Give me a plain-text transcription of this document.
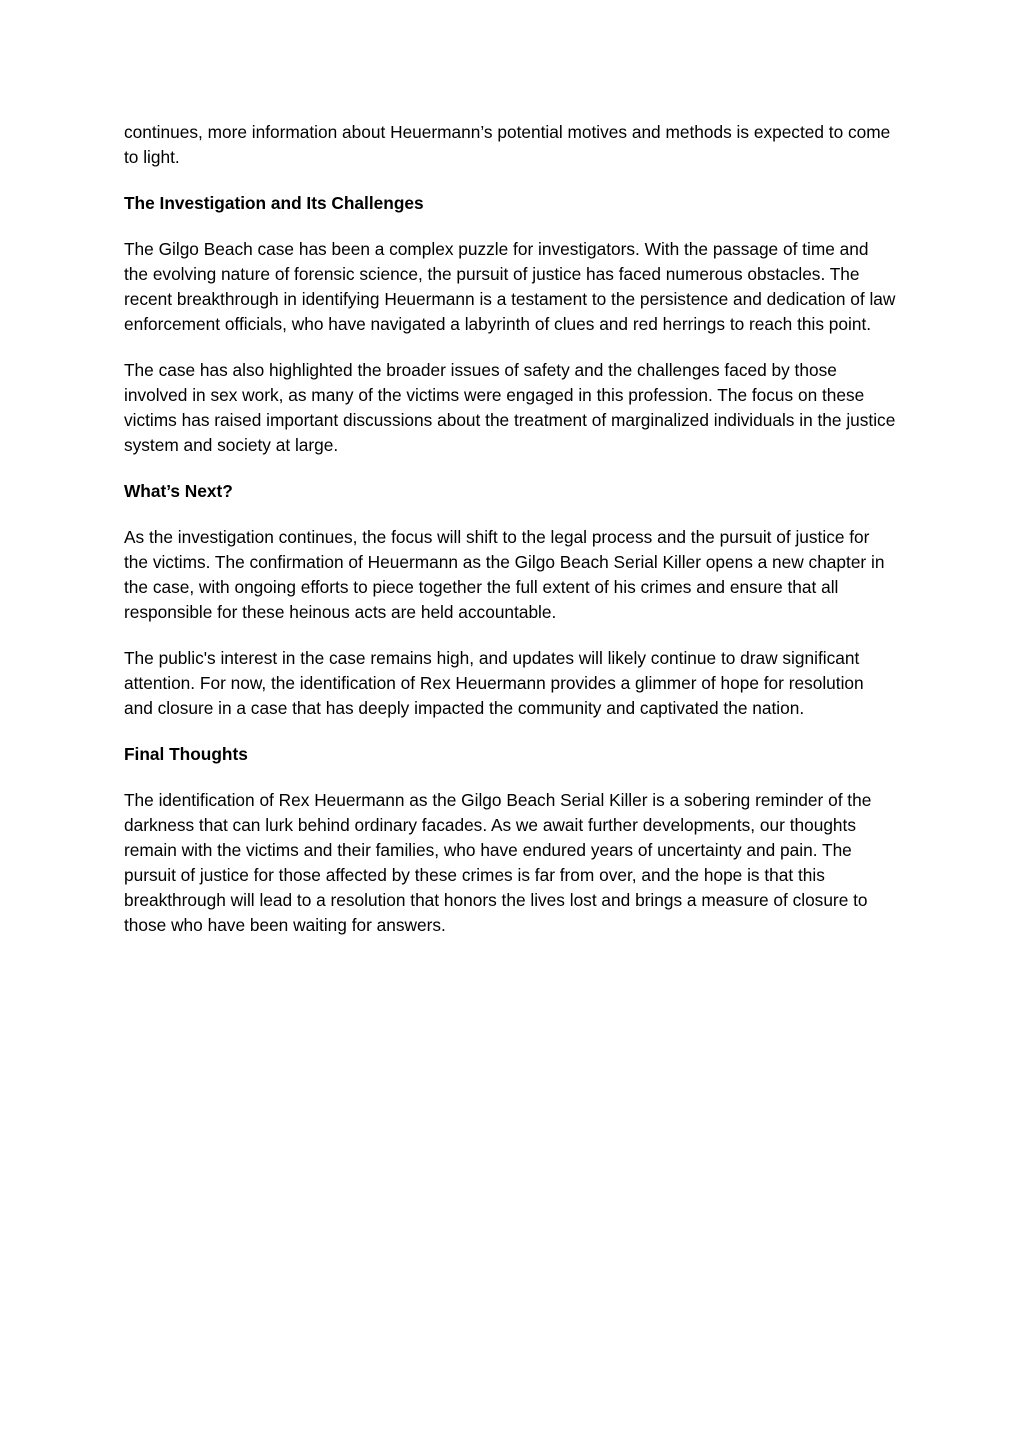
continues, more information about Heuermann’s potential motives and methods is expected to come to light.

The Investigation and Its Challenges

The Gilgo Beach case has been a complex puzzle for investigators. With the passage of time and the evolving nature of forensic science, the pursuit of justice has faced numerous obstacles. The recent breakthrough in identifying Heuermann is a testament to the persistence and dedication of law enforcement officials, who have navigated a labyrinth of clues and red herrings to reach this point.

The case has also highlighted the broader issues of safety and the challenges faced by those involved in sex work, as many of the victims were engaged in this profession. The focus on these victims has raised important discussions about the treatment of marginalized individuals in the justice system and society at large.

What’s Next?

As the investigation continues, the focus will shift to the legal process and the pursuit of justice for the victims. The confirmation of Heuermann as the Gilgo Beach Serial Killer opens a new chapter in the case, with ongoing efforts to piece together the full extent of his crimes and ensure that all responsible for these heinous acts are held accountable.

The public's interest in the case remains high, and updates will likely continue to draw significant attention. For now, the identification of Rex Heuermann provides a glimmer of hope for resolution and closure in a case that has deeply impacted the community and captivated the nation.

Final Thoughts

The identification of Rex Heuermann as the Gilgo Beach Serial Killer is a sobering reminder of the darkness that can lurk behind ordinary facades. As we await further developments, our thoughts remain with the victims and their families, who have endured years of uncertainty and pain. The pursuit of justice for those affected by these crimes is far from over, and the hope is that this breakthrough will lead to a resolution that honors the lives lost and brings a measure of closure to those who have been waiting for answers.
